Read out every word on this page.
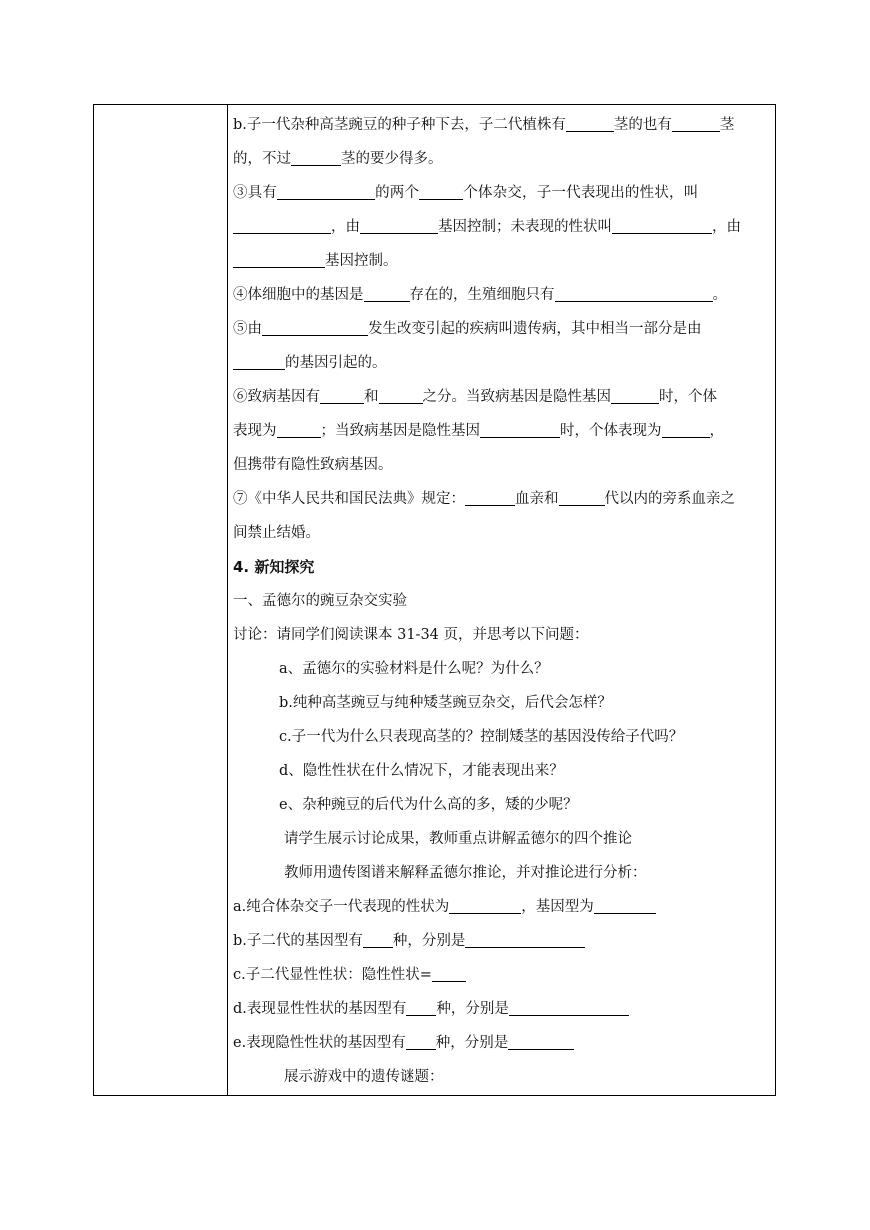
b.子一代杂种高茎豌豆的种子种下去，子二代植株有	茎的也有	茎
的，不过	茎的要少得多。
③具有	的两个	个体杂交，子一代表现出的性状，叫
，由	基因控制；未表现的性状叫	，由
基因控制。
④体细胞中的基因是	存在的，生殖细胞只有	。
⑤由	发生改变引起的疾病叫遗传病，其中相当一部分是由
的基因引起的。
⑥致病基因有	和	之分。当致病基因是隐性基因	时，个体
表现为	；当致病基因是隐性基因	时，个体表现为	，
但携带有隐性致病基因。
⑦《中华人民共和国民法典》规定：	血亲和	代以内的旁系血亲之
间禁止结婚。
4. 新知探究
一、孟德尔的豌豆杂交实验
讨论：请同学们阅读课本 31-34 页，并思考以下问题：
a、孟德尔的实验材料是什么呢？为什么？
b.纯种高茎豌豆与纯种矮茎豌豆杂交，后代会怎样？
c.子一代为什么只表现高茎的？控制矮茎的基因没传给子代吗？
d、隐性性状在什么情况下，才能表现出来？
e、杂种豌豆的后代为什么高的多，矮的少呢？
请学生展示讨论成果，教师重点讲解孟德尔的四个推论
教师用遗传图谱来解释孟德尔推论，并对推论进行分析：
a.纯合体杂交子一代表现的性状为	，基因型为
b.子二代的基因型有 种，分别是
c.子二代显性性状：隐性性状=
d.表现显性性状的基因型有 种，分别是
e.表现隐性性状的基因型有 种，分别是
展示游戏中的遗传谜题：
